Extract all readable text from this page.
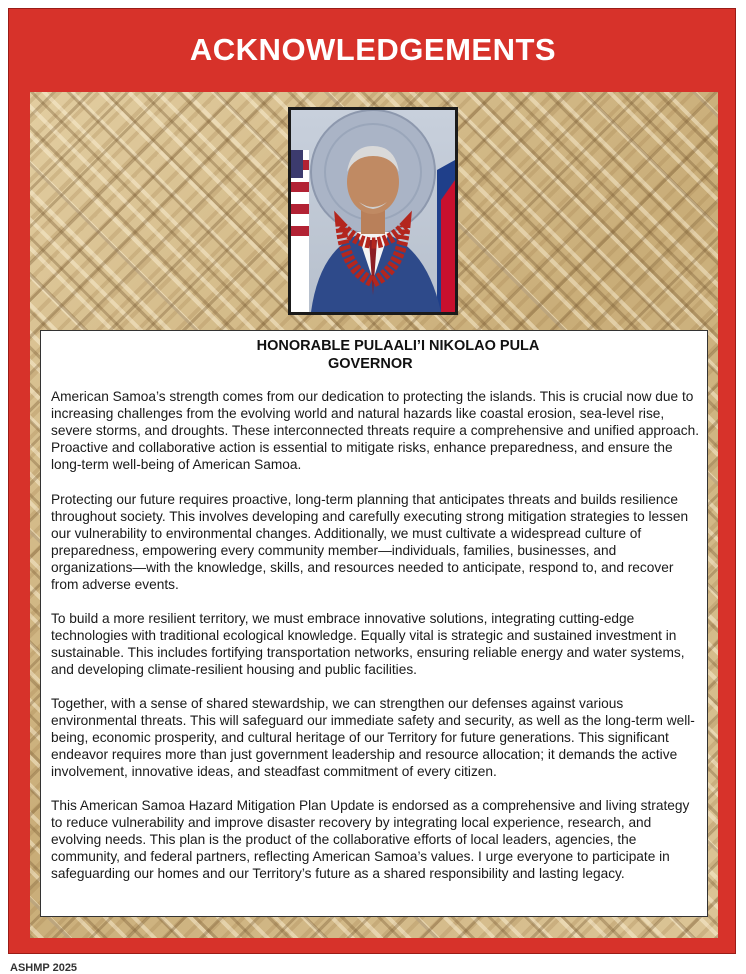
ACKNOWLEDGEMENTS
HONORABLE PULAALI’I NIKOLAO PULA
GOVERNOR

American Samoa’s strength comes from our dedication to protecting the islands. This is crucial now due to increasing challenges from the evolving world and natural hazards like coastal erosion, sea-level rise, severe storms, and droughts. These interconnected threats require a comprehensive and unified approach. Proactive and collaborative action is essential to mitigate risks, enhance preparedness, and ensure the long-term well-being of American Samoa.

Protecting our future requires proactive, long-term planning that anticipates threats and builds resilience throughout society. This involves developing and carefully executing strong mitigation strategies to lessen our vulnerability to environmental changes. Additionally, we must cultivate a widespread culture of preparedness, empowering every community member—individuals, families, businesses, and organizations—with the knowledge, skills, and resources needed to anticipate, respond to, and recover from adverse events.

To build a more resilient territory, we must embrace innovative solutions, integrating cutting-edge technologies with traditional ecological knowledge. Equally vital is strategic and sustained investment in sustainable. This includes fortifying transportation networks, ensuring reliable energy and water systems, and developing climate-resilient housing and public facilities.

Together, with a sense of shared stewardship, we can strengthen our defenses against various environmental threats. This will safeguard our immediate safety and security, as well as the long-term well-being, economic prosperity, and cultural heritage of our Territory for future generations. This significant endeavor requires more than just government leadership and resource allocation; it demands the active involvement, innovative ideas, and steadfast commitment of every citizen.

This American Samoa Hazard Mitigation Plan Update is endorsed as a comprehensive and living strategy to reduce vulnerability and improve disaster recovery by integrating local experience, research, and evolving needs. This plan is the product of the collaborative efforts of local leaders, agencies, the community, and federal partners, reflecting American Samoa’s values. I urge everyone to participate in safeguarding our homes and our Territory’s future as a shared responsibility and lasting legacy.

ASHMP 2025
